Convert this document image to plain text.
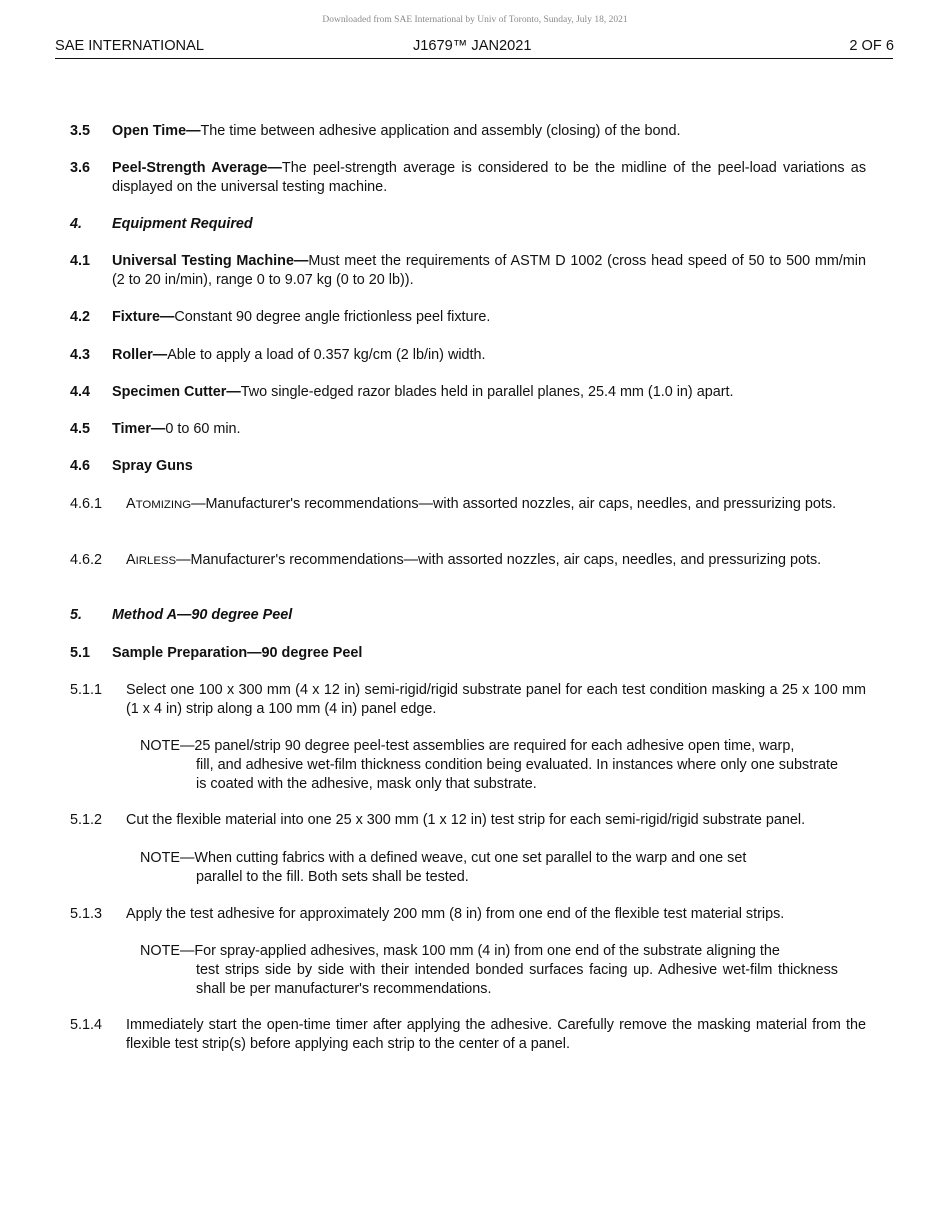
Downloaded from SAE International by Univ of Toronto, Sunday, July 18, 2021
SAE INTERNATIONAL	J1679™ JAN2021	2 OF 6
3.5	Open Time—The time between adhesive application and assembly (closing) of the bond.
3.6	Peel-Strength Average—The peel-strength average is considered to be the midline of the peel-load variations as displayed on the universal testing machine.
4.	Equipment Required
4.1	Universal Testing Machine—Must meet the requirements of ASTM D 1002 (cross head speed of 50 to 500 mm/min (2 to 20 in/min), range 0 to 9.07 kg (0 to 20 lb)).
4.2	Fixture—Constant 90 degree angle frictionless peel fixture.
4.3	Roller—Able to apply a load of 0.357 kg/cm (2 lb/in) width.
4.4	Specimen Cutter—Two single-edged razor blades held in parallel planes, 25.4 mm (1.0 in) apart.
4.5	Timer—0 to 60 min.
4.6	Spray Guns
4.6.1	ATOMIZING—Manufacturer's recommendations—with assorted nozzles, air caps, needles, and pressurizing pots.
4.6.2	AIRLESS—Manufacturer's recommendations—with assorted nozzles, air caps, needles, and pressurizing pots.
5.	Method A—90 degree Peel
5.1	Sample Preparation—90 degree Peel
5.1.1	Select one 100 x 300 mm (4 x 12 in) semi-rigid/rigid substrate panel for each test condition masking a 25 x 100 mm (1 x 4 in) strip along a 100 mm (4 in) panel edge.
NOTE—25 panel/strip 90 degree peel-test assemblies are required for each adhesive open time, warp,
fill, and adhesive wet-film thickness condition being evaluated. In instances where only one substrate is coated with the adhesive, mask only that substrate.
5.1.2	Cut the flexible material into one 25 x 300 mm (1 x 12 in) test strip for each semi-rigid/rigid substrate panel.
NOTE—When cutting fabrics with a defined weave, cut one set parallel to the warp and one set
parallel to the fill. Both sets shall be tested.
5.1.3	Apply the test adhesive for approximately 200 mm (8 in) from one end of the flexible test material strips.
NOTE—For spray-applied adhesives, mask 100 mm (4 in) from one end of the substrate aligning the
test strips side by side with their intended bonded surfaces facing up. Adhesive wet-film thickness shall be per manufacturer's recommendations.
5.1.4	Immediately start the open-time timer after applying the adhesive. Carefully remove the masking material from the flexible test strip(s) before applying each strip to the center of a panel.
